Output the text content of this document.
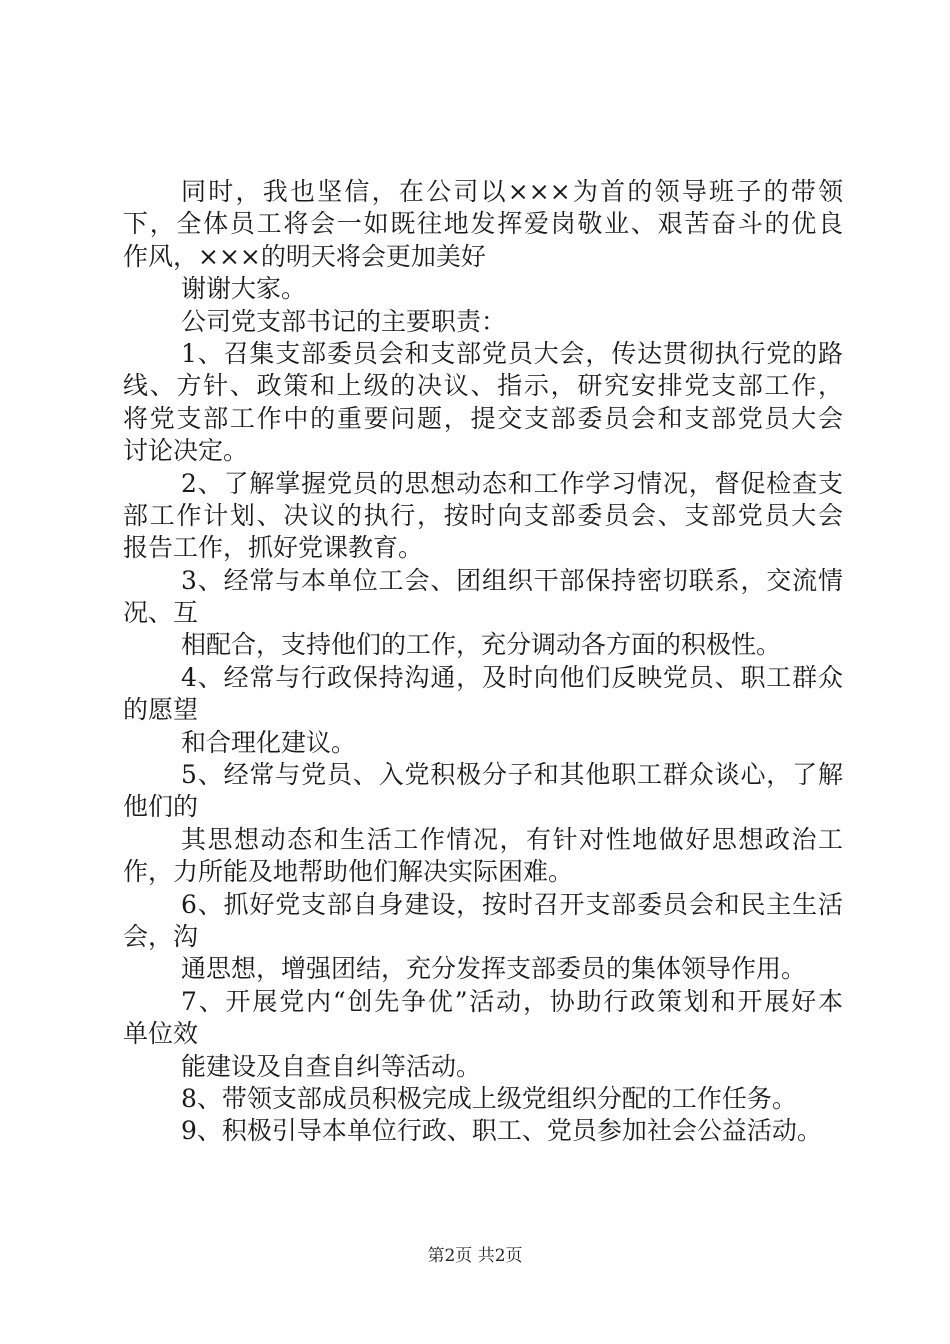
同时，我也坚信，在公司以×××为首的领导班子的带领
下，全体员工将会一如既往地发挥爱岗敬业、艰苦奋斗的优良
作风，×××的明天将会更加美好
谢谢大家。
公司党支部书记的主要职责：
1、召集支部委员会和支部党员大会，传达贯彻执行党的路
线、方针、政策和上级的决议、指示，研究安排党支部工作，
将党支部工作中的重要问题，提交支部委员会和支部党员大会
讨论决定。
2、了解掌握党员的思想动态和工作学习情况，督促检查支
部工作计划、决议的执行，按时向支部委员会、支部党员大会
报告工作，抓好党课教育。
3、经常与本单位工会、团组织干部保持密切联系，交流情
况、互
相配合，支持他们的工作，充分调动各方面的积极性。
4、经常与行政保持沟通，及时向他们反映党员、职工群众
的愿望
和合理化建议。
5、经常与党员、入党积极分子和其他职工群众谈心，了解
他们的
其思想动态和生活工作情况，有针对性地做好思想政治工
作，力所能及地帮助他们解决实际困难。
6、抓好党支部自身建设，按时召开支部委员会和民主生活
会，沟
通思想，增强团结，充分发挥支部委员的集体领导作用。
7、开展党内“创先争优”活动，协助行政策划和开展好本
单位效
能建设及自查自纠等活动。
8、带领支部成员积极完成上级党组织分配的工作任务。
9、积极引导本单位行政、职工、党员参加社会公益活动。
第2页 共2页
